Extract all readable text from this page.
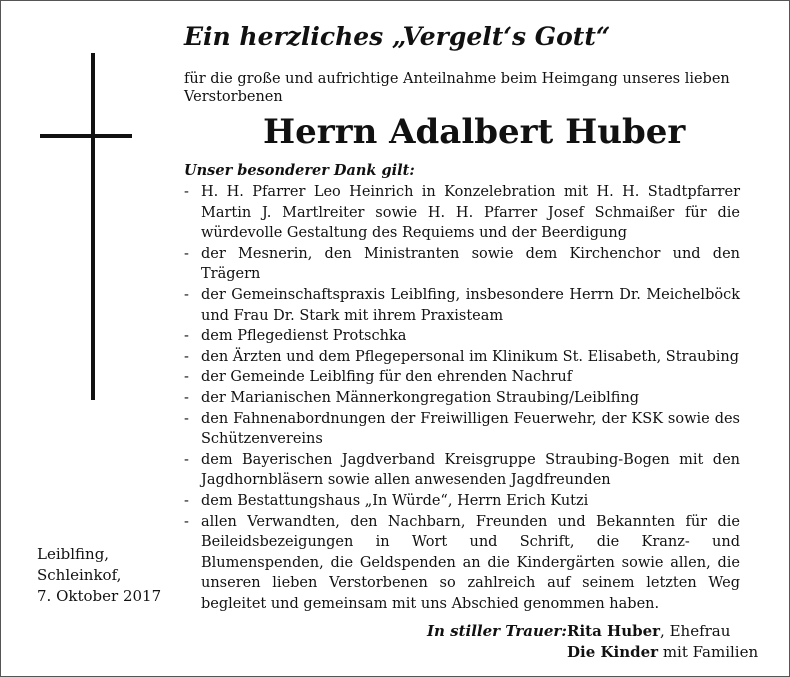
Ein herzliches „Vergelt‘s Gott“
für die große und aufrichtige Anteilnahme beim Heimgang unseres lieben Verstorbenen
Herrn Adalbert Huber
Unser besonderer Dank gilt:
- H. H. Pfarrer Leo Heinrich in Konzelebration mit H. H. Stadtpfarrer Martin J. Martlreiter sowie H. H. Pfarrer Josef Schmaißer für die würdevolle Gestaltung des Requiems und der Beerdigung
- der Mesnerin, den Ministranten sowie dem Kirchenchor und den Trägern
- der Gemeinschaftspraxis Leiblfing, insbesondere Herrn Dr. Meichelböck und Frau Dr. Stark mit ihrem Praxisteam
- dem Pflegedienst Protschka
- den Ärzten und dem Pflegepersonal im Klinikum St. Elisabeth, Straubing
- der Gemeinde Leiblfing für den ehrenden Nachruf
- der Marianischen Männerkongregation Straubing/Leiblfing
- den Fahnenabordnungen der Freiwilligen Feuerwehr, der KSK sowie des Schützenvereins
- dem Bayerischen Jagdverband Kreisgruppe Straubing-Bogen mit den Jagdhornbläsern sowie allen anwesenden Jagdfreunden
- dem Bestattungshaus „In Würde“, Herrn Erich Kutzi
- allen Verwandten, den Nachbarn, Freunden und Bekannten für die Beileidsbezeigungen in Wort und Schrift, die Kranz- und Blumenspenden, die Geldspenden an die Kindergärten sowie allen, die unseren lieben Verstorbenen so zahlreich auf seinem letzten Weg begleitet und gemeinsam mit uns Abschied genommen haben.
Leiblfing,
Schleinkof,
7. Oktober 2017
In stiller Trauer: Rita Huber, Ehefrau
Die Kinder mit Familien
